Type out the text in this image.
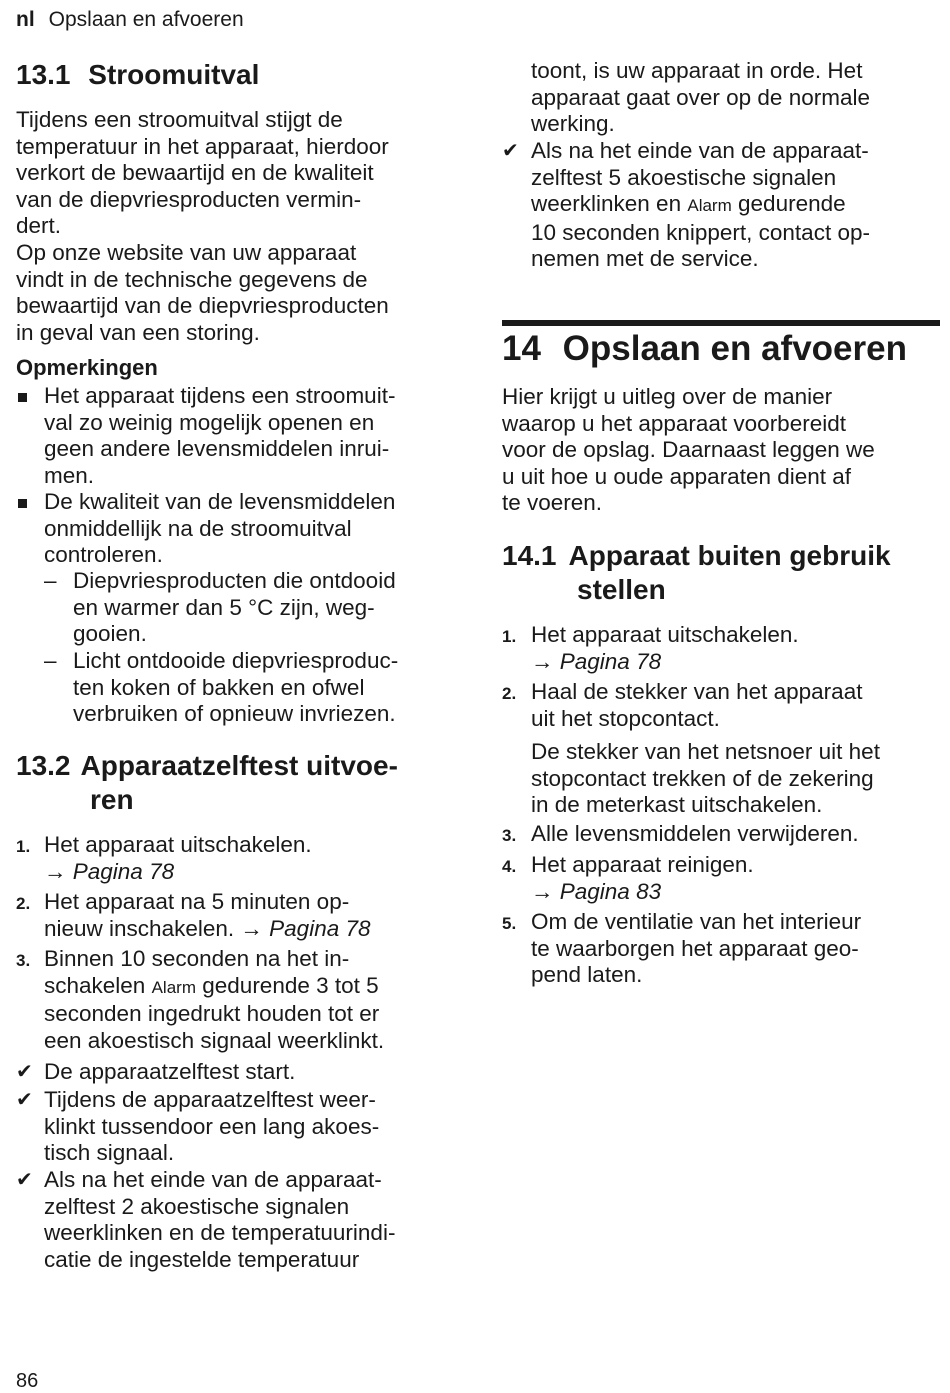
nl Opslaan en afvoeren
13.1 Stroomuitval
Tijdens een stroomuitval stijgt de
temperatuur in het apparaat, hierdoor
verkort de bewaartijd en de kwaliteit
van de diepvriesproducten vermin-
dert.
Op onze website van uw apparaat
vindt in de technische gegevens de
bewaartijd van de diepvriesproducten
in geval van een storing.
Opmerkingen
Het apparaat tijdens een stroomuit-
val zo weinig mogelijk openen en
geen andere levensmiddelen inrui-
men.
De kwaliteit van de levensmiddelen
onmiddellijk na de stroomuitval
controleren.
– Diepvriesproducten die ontdooid
en warmer dan 5 °C zijn, weg-
gooien.
– Licht ontdooide diepvriesproduc-
ten koken of bakken en ofwel
verbruiken of opnieuw invriezen.
13.2 Apparaatzelftest uitvoe-
ren
1. Het apparaat uitschakelen.
→ Pagina 78
2. Het apparaat na 5 minuten op-
nieuw inschakelen. → Pagina 78
3. Binnen 10 seconden na het in-
schakelen Alarm gedurende 3 tot 5
seconden ingedrukt houden tot er
een akoestisch signaal weerklinkt.
✔ De apparaatzelftest start.
✔ Tijdens de apparaatzelftest weer-
klinkt tussendoor een lang akoes-
tisch signaal.
✔ Als na het einde van de apparaat-
zelftest 2 akoestische signalen
weerklinken en de temperatuurindi-
catie de ingestelde temperatuur
toont, is uw apparaat in orde. Het
apparaat gaat over op de normale
werking.
✔ Als na het einde van de apparaat-
zelftest 5 akoestische signalen
weerklinken en Alarm gedurende
10 seconden knippert, contact op-
nemen met de service.
14 Opslaan en afvoeren
Hier krijgt u uitleg over de manier
waarop u het apparaat voorbereidt
voor de opslag. Daarnaast leggen we
u uit hoe u oude apparaten dient af
te voeren.
14.1 Apparaat buiten gebruik
stellen
1. Het apparaat uitschakelen.
→ Pagina 78
2. Haal de stekker van het apparaat
uit het stopcontact.
De stekker van het netsnoer uit het
stopcontact trekken of de zekering
in de meterkast uitschakelen.
3. Alle levensmiddelen verwijderen.
4. Het apparaat reinigen.
→ Pagina 83
5. Om de ventilatie van het interieur
te waarborgen het apparaat geo-
pend laten.
86
